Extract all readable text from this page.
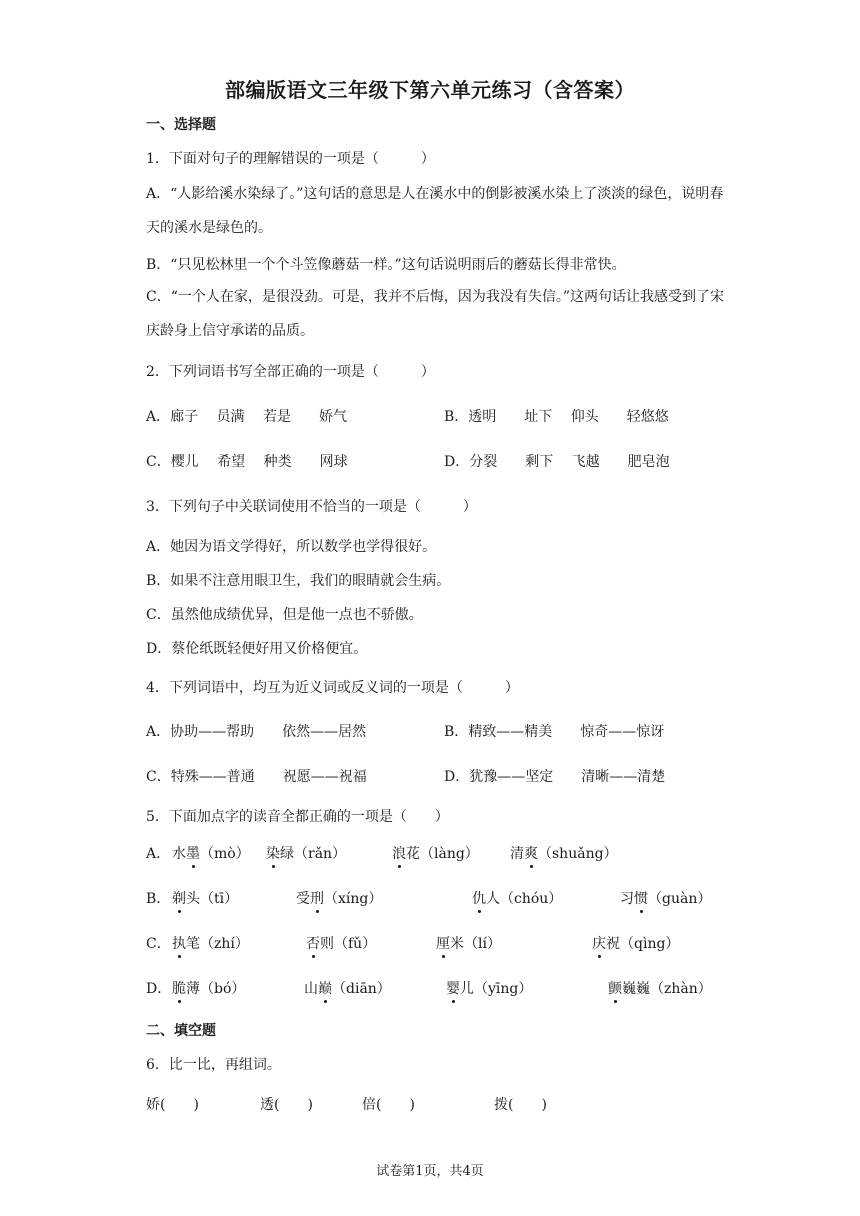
部编版语文三年级下第六单元练习（含答案）
一、选择题
1．下面对句子的理解错误的一项是（　　　）
A．“人影给溪水染绿了。”这句话的意思是人在溪水中的倒影被溪水染上了淡淡的绿色，说明春天的溪水是绿色的。
B．“只见松林里一个个斗笠像蘑菇一样。”这句话说明雨后的蘑菇长得非常快。
C．“一个人在家，是很没劲。可是，我并不后悔，因为我没有失信。”这两句话让我感受到了宋庆龄身上信守承诺的品质。
2．下列词语书写全部正确的一项是（　　　）
A．廊子　 员满　 若是　　娇气	B．透明　　址下　 仰头　　轻悠悠
C．樱儿　 希望　 种类　　网球	D．分裂　　剩下　 飞越　　肥皂泡
3．下列句子中关联词使用不恰当的一项是（　　　）
A．她因为语文学得好，所以数学也学得很好。
B．如果不注意用眼卫生，我们的眼睛就会生病。
C．虽然他成绩优异，但是他一点也不骄傲。
D．蔡伦纸既轻便好用又价格便宜。
4．下列词语中，均互为近义词或反义词的一项是（　　　）
A．协助——帮助　　依然——居然	B．精致——精美　　惊奇——惊讶
C．特殊——普通　　祝愿——祝福	D．犹豫——坚定　　清晰——清楚
5．下面加点字的读音全都正确的一项是（　　）
A． 水墨（mò） 染绿（rǎn）	浪花（làng） 清爽（shuǎng）
B． 剃头（tī）	受刑（xíng）	仇人（chóu）	习惯（guàn）
C． 执笔（zhí）	否则（fǔ）	厘米（lí）	庆祝（qìng）
D． 脆薄（bó）	山巅（diān）	婴儿（yīng）	颤巍巍（zhàn）
二、填空题
6．比一比，再组词。
娇(　　)	透(　　)	倍(　　)	拨(　　)
试卷第1页，共4页
